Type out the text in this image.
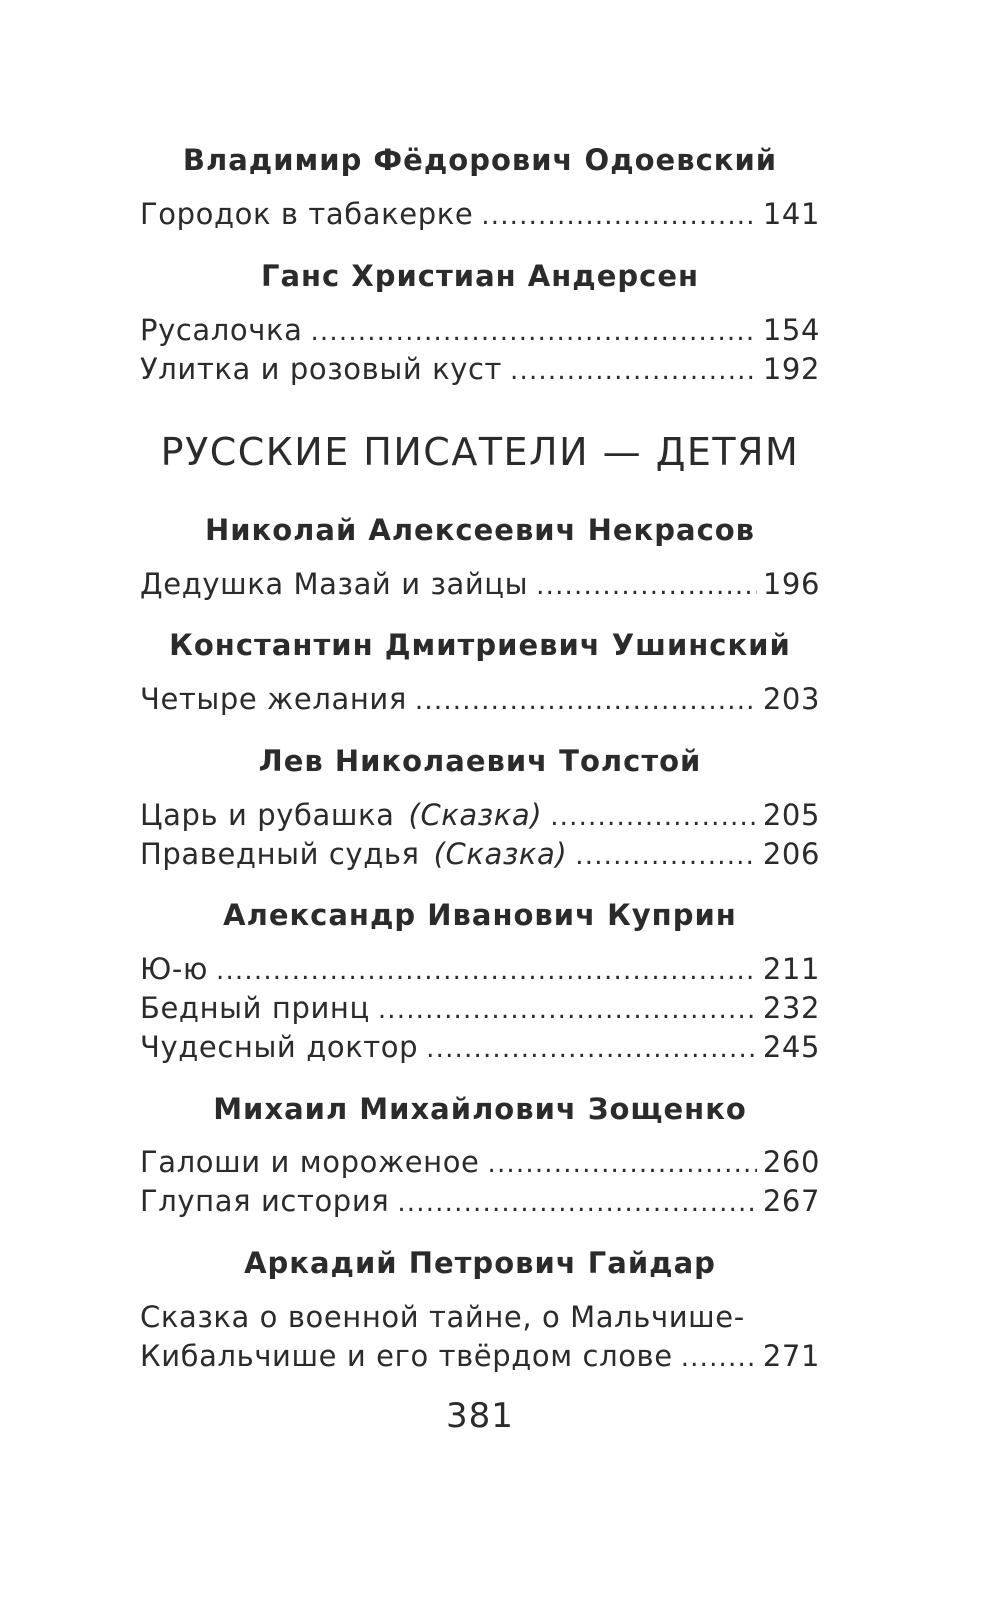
Владимир Фёдорович Одоевский
Городок в табакерке .....	141
Ганс Христиан Андерсен
Русалочка .....	154
Улитка и розовый куст .....	192
РУССКИЕ ПИСАТЕЛИ — ДЕТЯМ
Николай Алексеевич Некрасов
Дедушка Мазай и зайцы .....	196
Константин Дмитриевич Ушинский
Четыре желания .....	203
Лев Николаевич Толстой
Царь и рубашка (Сказка) .....	205
Праведный судья (Сказка) .....	206
Александр Иванович Куприн
Ю-ю .....	211
Бедный принц .....	232
Чудесный доктор .....	245
Михаил Михайлович Зощенко
Галоши и мороженое .....	260
Глупая история .....	267
Аркадий Петрович Гайдар
Сказка о военной тайне, о Мальчише-
Кибальчише и его твёрдом слове .....	271
381
